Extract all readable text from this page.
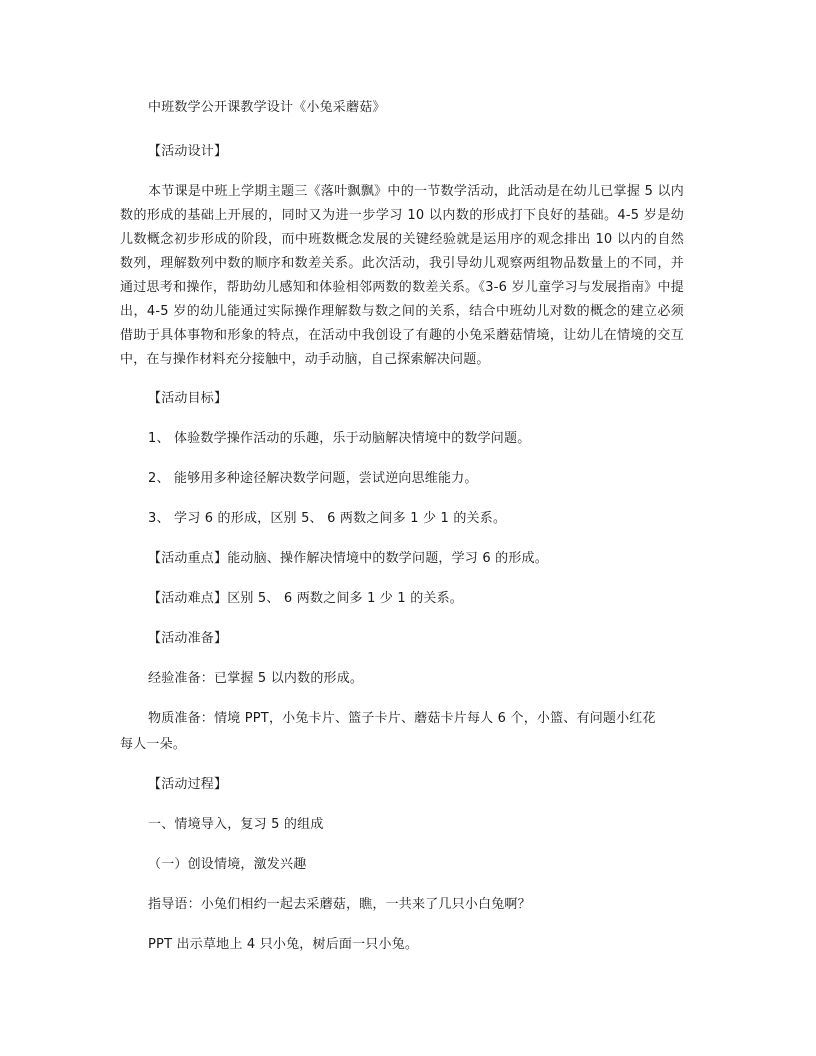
中班数学公开课教学设计《小兔采蘑菇》
【活动设计】
本节课是中班上学期主题三《落叶飘飘》中的一节数学活动，此活动是在幼儿已掌握 5 以内数的形成的基础上开展的，同时又为进一步学习 10 以内数的形成打下良好的基础。4-5 岁是幼儿数概念初步形成的阶段，而中班数概念发展的关键经验就是运用序的观念排出 10 以内的自然数列，理解数列中数的顺序和数差关系。此次活动，我引导幼儿观察两组物品数量上的不同，并通过思考和操作，帮助幼儿感知和体验相邻两数的数差关系。《3-6 岁儿童学习与发展指南》中提出，4-5 岁的幼儿能通过实际操作理解数与数之间的关系，结合中班幼儿对数的概念的建立必须借助于具体事物和形象的特点，在活动中我创设了有趣的小兔采蘑菇情境，让幼儿在情境的交互中，在与操作材料充分接触中，动手动脑，自己探索解决问题。
【活动目标】
1、 体验数学操作活动的乐趣，乐于动脑解决情境中的数学问题。
2、 能够用多种途径解决数学问题，尝试逆向思维能力。
3、 学习 6 的形成，区别 5、 6 两数之间多 1 少 1 的关系。
【活动重点】能动脑、操作解决情境中的数学问题，学习 6 的形成。
【活动难点】区别 5、 6 两数之间多 1 少 1 的关系。
【活动准备】
经验准备：已掌握 5 以内数的形成。
物质准备：情境 PPT，小兔卡片、篮子卡片、蘑菇卡片每人 6 个，小篮、有问题小红花
每人一朵。
【活动过程】
一、情境导入，复习 5 的组成
（一）创设情境，激发兴趣
指导语：小兔们相约一起去采蘑菇，瞧，一共来了几只小白兔啊？
PPT 出示草地上 4 只小兔，树后面一只小兔。
